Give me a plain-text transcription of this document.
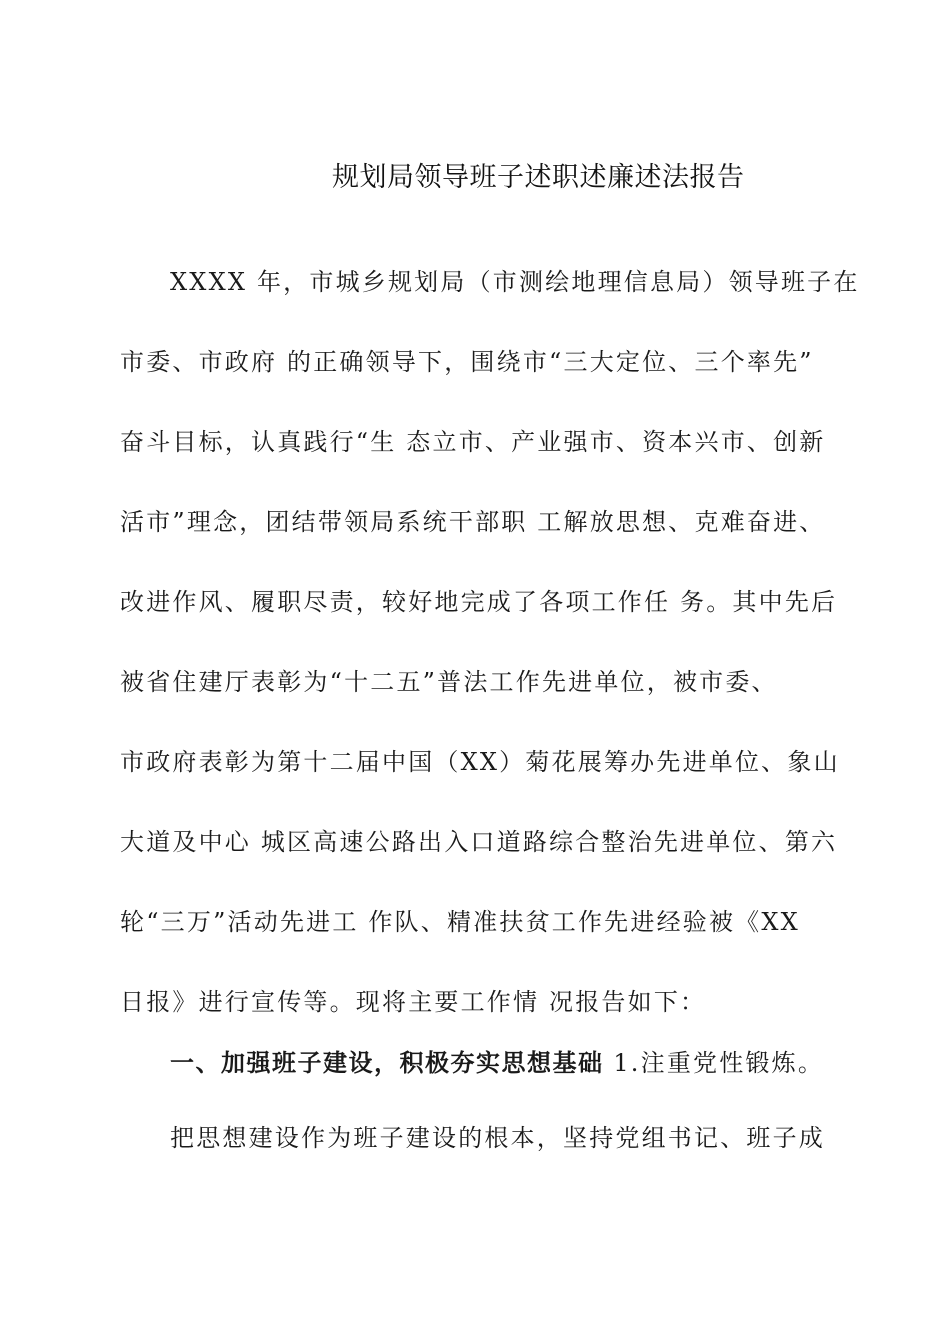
规划局领导班子述职述廉述法报告
XXXX 年，市城乡规划局（市测绘地理信息局）领导班子在
市委、市政府 的正确领导下，围绕市“三大定位、三个率先”
奋斗目标，认真践行“生 态立市、产业强市、资本兴市、创新
活市”理念，团结带领局系统干部职 工解放思想、克难奋进、
改进作风、履职尽责，较好地完成了各项工作任 务。其中先后
被省住建厅表彰为“十二五”普法工作先进单位，被市委、
市政府表彰为第十二届中国（XX）菊花展筹办先进单位、象山
大道及中心 城区高速公路出入口道路综合整治先进单位、第六
轮“三万”活动先进工 作队、精准扶贫工作先进经验被《XX
日报》进行宣传等。现将主要工作情 况报告如下：
一、加强班子建设，积极夯实思想基础 1.注重党性锻炼。
把思想建设作为班子建设的根本，坚持党组书记、班子成
